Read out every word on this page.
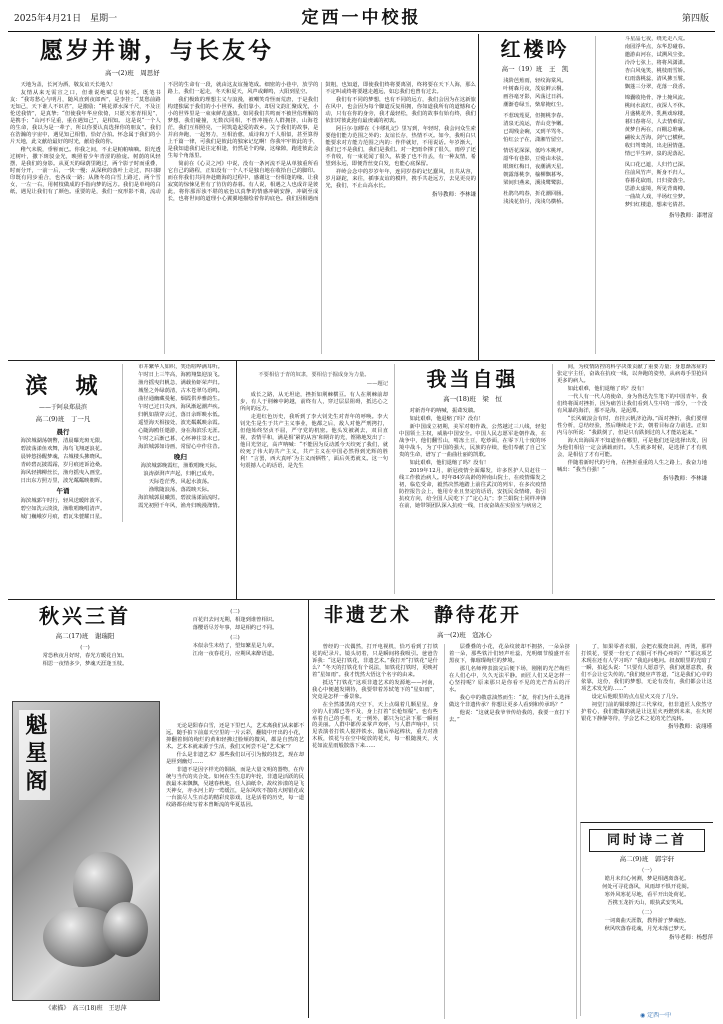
2025年4月21日　星期一	定西一中校报	第四版
愿岁并谢，与长友兮
高一(2)班　周思妤

天地为盖，长河为酒，敬友谊天长地久！

友情从来无需宣之口，但谁说绝赋总有转托。既笔书友：“我寄愁心与明月，随风直到夜郎西”，是李挂；“莫愁前路无知己，天下谁人不识君”，是激励；“桃花潭水深千尺，不及汪伦送我情”，是真挚；“但使我年华应依倚，只愿天寒青相见”，是携手；“山河不足重，重在遇知己”，是相知。 这是说“一个人的生命，我以为是一辈子，所以你要认真选择你的朋友”。我们在浩瀚的宇宙中，遇见知己相惜，恰好合拍。怀念属于我们的小片天地，此文献给最好的时光，献给我的你。

稚气未脱，垂髫而已。你我之间，不止是帕帕嘀嘀。阳光透过树叶，撒下斑驳金光，映照着少年青涩的脸庞。树荫的风轻摆，是我们的身影。从夏天的绿荫里跑过，两个影子时而重叠，时而分开，一前一后，一快一慢；从深秋的落叶上走过，四只脚印既有同步重合，也各成一路；从隆冬的白雪上路过，两个雪女，一左一右，用树枝做成的手指向梦的远方。我们是单纯的白纸，遇见让我们有了颜色。重要的是，我们一度形影不离，流动不居的生命有一段，就由这友谊撞笔成。细密的小巷中，放学的路上，我们一起走，冬天和夏天，风声或蝉鸣，大阳到星空。

我们极致的理想主义与浪漫，被嘲笑奇怪而荒唐，于是我们构建独属于我们的小小世界。我们靠小，却因文韵汇聚成光，小小的世界里是一束束鲜花盛放。如同我们共鸣而不被世俗理解的梦想，我们碰撞，无数次同相，不曾冲撞在人群拥挤，山海苍茫，我们互相照亮，一同筑造起爱的故乡。关于我们的故事，是并肩奔跑，一起努力，互相治愈，成诗和万千人相似，甚至算得上千篇一律，可我们是彼此的独家记忆啊！你我牢牢彼此的手，是我知道我们是注定相逢，仍然是个的缘，这缘隙，跑进彼此会生每个角落里。

简前在《心灵之河》中说，没有一条河流不是从单独重所看它自己的路程，正如没有一个人不是独自地在收拾自己的脚印。而在你我们共同奔赴瞻海的过程中，感谢这一份相逢的缘，让我寂寞的惊悚见世有了彷彷的春暮。有人说，相遇之人也成许是彼此，将你那浑浊不堪的底色以真挚的情感冲刷安静，冲刷至成长，也将世间的道理小心翼翼地描绘着你的底色。我们因相遇而鼓粗，也知道，即使我们终将要离别，终将要在天下人海，那么不定叫或终将要越走越远，如忘我们也曾有过去。

我们有不同的梦想，也有不同的远方，我们会因为在这新旅在风中，也会因为每个脚道反复相拥，你如道我所有的道憾和心动，只有在你的身旁，我才最轻松，我们的故事有始有终，我们依旧对彼此抱有最虔诚的初衷。

阿巨尔·加缪在《卡缪札记》里写到，年轻时，我会问众生索要他们能力范围之外的；友谊长存，热情不灭。如今，我明白只能要求对方能力范围之内的：作伴就好，不用说话。年岁渐大，我们已不是我们，我们是我们。对一把雨伞撑了很久，雨停了还不肯收，有一束花闻了很久，枯萎了也不肯丢，有一种友情，希望到永远，即便背丝变白发，也能心底保留。

祥岭会念中的岁岁年年，连同岁春的记忆蠢风，且共从容，岁月蹉跎，来往，插事友谊的模样，携手共赴远方，去见更亮的光，我们，不止山高水长。

指导教师：李林谦
红楼吟
高一（19）班　王　凯

浅阶芭蕉雨，轻纹海棠风。

叶树森月夜，茂宸鲜云桐。

画谷毫牙影，风荡过日斜。

潮渐卷绿玉，柴扉掩红尘。

不惹琉莲夏，但拥桃李春。

清泉无流运，青山竞争嫩。

已凋残金碗，又到羊骂冬。

怕红公子在，潇湘竹留空。

情语花深深，低吟木桃坪。

韶华有巷影，豆菀由未弦。

眼斑红梅日，夜潮满天星。

朝露落桃李，榆柳飘暮岑。

梁间归燕来，溪浅鹭鹭影。

杜鹃鸟鸣春，折花潮回肠。

浅浅花拾月，浅浅鸟横桥。

斗星晶七夜，绕光走八荒。

南园浮华点，东华思碰春。

邀游由河在，试溯风尘张。

泠泠七弦上，将将风潇潇。

杏白风兔笑，桃枝雨雪娇。

红雨落桃蕊，清风拂玉鬟。

飘蓬三分翠，花落一段香。

锦囊收艳骨，净土掩风流。

桃间水流红，夜深人不休。

月盛桃花外，乳燕戏琼楼。

暮归春将尽，人去情难留。

黄梦自两在，百棚总堆裹。

翩妆太苦海，剑气已横秋。

收归驾鸯剑，出走困情蓬。

情已半生碎，泉的泥落泥。

凤口花已遮，人归竹已深。

往前风竹声，斯身不归人。

春暮花砍雨，日归姿落尘。

思游太虚境，所见背离樽。

一曲故人戏，半场红尘梦。

梦归红楼道，想来宅倩甚。

指导教师：漆增富
滨　城
——于阿泉郑晨滨
高二(9)班　丁一凡
晨行

海滨城湖荡朝瞥，清晨曝光斑无限。

碧波荡漾鱼欢舞，海鸟飞翔逐浪花。

晨钟悠扬醒梦魂，古城楼头拂晓风。

青砖碧瓦披霞霜，岁月痕迹诉沧桑。

海风轻拂柳丝长，渔舟摇曳入画堂。

日出东方照万里，波光粼粼映朝晖。

午诵

海滨城郭午时行，轻风送暖阵波平。

碧空如洗云淡淡，渔歌唱晚唱清声。

城门巍峨岁月痕，碧瓦朱甍耀日星。

市井繁华人如织，笑语喧哗满耳听。

午时日上三竿高，海鸥翔集迎浪飞。

渔舟摇曳归帆急，满载鱼虾荣声归。

城堡之外绿荫清，古木苍翠鸟语鸣。

曲径通幽藏曼秘，烟霞供养雅韵生。

午时已过日失西，海风渐起潮声疾。

归帆如箭穿云过，落日余晖映水低。

遥望海天相接处，波光粼粼映余霞。

心随海鸥任遨游，身在海滨乐无涯。

午时之后渐已暮，心怀神往景未已。

海滨城郭如诗画，常留心中作往昔。

晚归

海滨城郭晚霞红，渔歌唱晚天际。

浪涛澎湃声声起，归帆已成舟。

天际苍茫秀，风起水波荡。

渔歌随浪荡，落霞映天际。

海滨城郭晨曦黑，碧波荡漾涌流时。

霞光初照千年风，渔舟归晚漫涤情。

不要相信于青的奴隶，要相信于掘成身为力量。
——题记

成长之路，从无坦途，挫折如荆棘横亘。有人在荆棘前却步，有人于荆棘中跨越，前终有人，穿过层层阻碍，抵达心之所向的远方。

走进红色历史，我听到了李大钊先生对青年的呼唤。李大钊先生是生于共产主义事业，他都之后，敌人对他严刑拷打，但他始终坚贞不屈，严守党的机密。他头发被剥去，双目直视，表情平和，满是相‘紧的从容’和期许的光，铿锵地发出了：他目光坚定，高声呐喊：“不能因为反动派今天绞死了我们，就绞死了伟大的共产主义，共产主义在中国必然得到光辉的胜利！”言罢，西大真呼‘为主义而牺牲’，面后英勇就义。这一句句震撼人心的话语，是先生

我当自强
高一(18)班　梁　恒

对新青年的呐喊，振聋发聩。

如此艰难，他退缩了吗？没有！

新中国成立初期，美军对朝作战，公然越过三八线，轻犯中国领土主权，威胁中国安全。中国人民志愿军赴朝作战，在战争中，他们翻雪山，啃冻土豆，吃炒面，在零下几十度的环境中战斗，为了中国的强大，民族的存续，他们奉献了自己宝贵的生命，谱写了一曲曲壮丽的凯歌。

如此艰难，他们退缩了吗？没有！

2019年12月，新冠疫情全面爆发，许多医护人员赶往一线工作救治病人。时年84岁高龄的钟南山院士，在疫情爆发之初，临危受命，毅然决然地踏上前往武汉的列车，在多次疫情防控报告会上，他用专业且坚定的话语，安抚民众情绪，指引抗疫方向，给全国人民吃下了“定心丸”；李兰娟院士同样冲锋在前，她带领团队深入抗疫一线，日夜奋战在实验室与病房之

间，为疫情防控的科学决策贡献了重要力量；身患渐冻症的张定宇主任，奋战在抗疫一线，以奔跑的姿势，从病毒手里抢回更多的病人。

如此艰难，他们退缩了吗？没有！

一代人有一代人的使命，身为鲁迅先生笔下的中国青年，我们终将面对挫折，因为痛苦让我们看到人生中的一部分，一个没有风暴的海洋，那不是海，是泥潭。

“长风破浪会有时，直挂云帆济沧海。”面对挫折，我们要理性分析，总结经验，然后继续走下去，朝着目标奋力前进。正如内马尔所说：“我跌倒了，但是只有跌倒过的人才能站起来。”

海大出海面并不知道鱼在哪里，可是他们还是选择出发，因为他们相信一定会满载而归。人生就多时候，是选择了才有机会，是相信了才有可能。

伴随着新时代的号角，在挫折重重的人生之路上，我奋力地喊出：“我当自强！”

指导教师：李林谦
秋兴三首
高二(17)班　谢瑞阳

(一)

常恐秋夜月好时，春光方暖花自知。

相思一夜情多少，梦魂天涯逢玉枝。

(二)

百花归去问无期，相逢到谁曾相识。

落樱语尽芳年事，却是相约已不同。

(三)

本似余生未结了，望知繁星是九章。

江南一夜春花月，应期风来醉语道。

魁星阁
《素描》　高三(18)班　王思萍

无论是阳春白雪，还是下里巴人，艺术离我们从来都不远。随手拍下前嘉天空里的一片云彩，翻镜中开出的小花，抑翻着倒的绚烂的黄和轻拂过脸颊的微风，都是自然的艺术。艺术本就来源于生活，我们又何尝不是“艺术家”？

什么是非遗艺术？那些我们以可引为傲的技艺，现在却是匣到幽灯……

非遗不是因字样光的铜锅，而是大量文明的器物，在传统与当代的夹合处。如何在生生息的年轮，非遗是活跃的民族最本来飘飘，吴越春秋地，任人油纸伞，故纹涉漾的是飞天神女，亦水河上的一莺缓江，是东风吹不散的大树银花或一台演尽人生百态的精彩皮影戏，这是活着的历史，每一道纹路都在续写着本曾断流的华夏基因。

非遗艺术　静待花开
高一(2)班　寇冰心

曾经的一次偶然，打开电视机，恰巧看到了打铁花的纪录片。镜头切着，只是瞬间将我吸引。爸爸告诉我：“这是打铁花，非遗艺术。”我打开“打铁花”是什么？“冬天的打铁花有个说法，如铁花打铁时，更映衬着“星如雨”。我才恍然大悟这个名字的由来。

抵达“打铁花”这项非遗艺术的发源地——河南，我心中便越发期待，我要带着苏轼笔下的“星如雨”，究竟是怎样一番景象。

在全然漆黑的天空下，天上点缀着几颗星星，身旁的人们都已等不及，身上打着“长枪短棍”。也有些举着自己的手机，无一例外，都只为记录下那一瞬间的美丽。人群中都传来掌声欢呼，与人群声响中，只见表演者打铁人搅拌铁水，随后举起棒状，重力对准木板，铁花与在空中绽放的花火，每一根随漫天，火花如流星雨般散落下来……

层叠叠的小花，花朵纹彼却不拥挤，一朵朵挤着一朵，那些铁汁们轻声吐蕊，光明细节般盛开在黑夜下，像璀璨绚烂的梦境。

那几名师傅表演完后便下场，刚刚的光芒绚烂在人们心中，久久无法平静。而匠人们又是怎样一心坚持呢？原来那只是你看不见的光芒背后的汗水。

我心中的敬意油然而生：“叔，你们为什么选择做这个非遗传承？你想让更多人看到和传承吗？”

他说：“这就是我爷爷传给我的，我要一直打下去。”

了，如果零者衣服，会把衣服烧出洞，再烫，那样打铁花，要要一份无了衣服可不得心疼吗？”“那这项艺术现在还有人学习吗？”我追问地问。叔叔眼里的光暗了一瞬，拍起头说：“只要有人愿意学，我们就愿意教，我们不会让它失传的。”我们便应声答道，“这是我们心中的依靠，这份，我们的梦想，无论有没有，我们都会让这项艺术发光的……”

设定后他眼里的点点星火又亮了几分。

祠堂门前的铜球擦过三代掌纹，但非遗匠人依然守护着心，我们能做的就是让这星火再燃到未来，在火树银花下静静等待，学会艺术之花的光芒流转。

指导教师：袁翊瑾
同时诗二首
高二(9)班　郭宇轩

（一）

皓月未归心何测，梦是相遇离落花。

何处可寻花落风，风雨却不惧开花阁。

寒外风寒花尽地，看平开出处荷花。

吾携玉龙折天山，眼执武安笑风。

（二）

一词离曲天涯散，教得游子梦魂连。

秋风吹落春花魂，月光未落已梦天。

指导老师：杨想萍
◉ 定西一中
